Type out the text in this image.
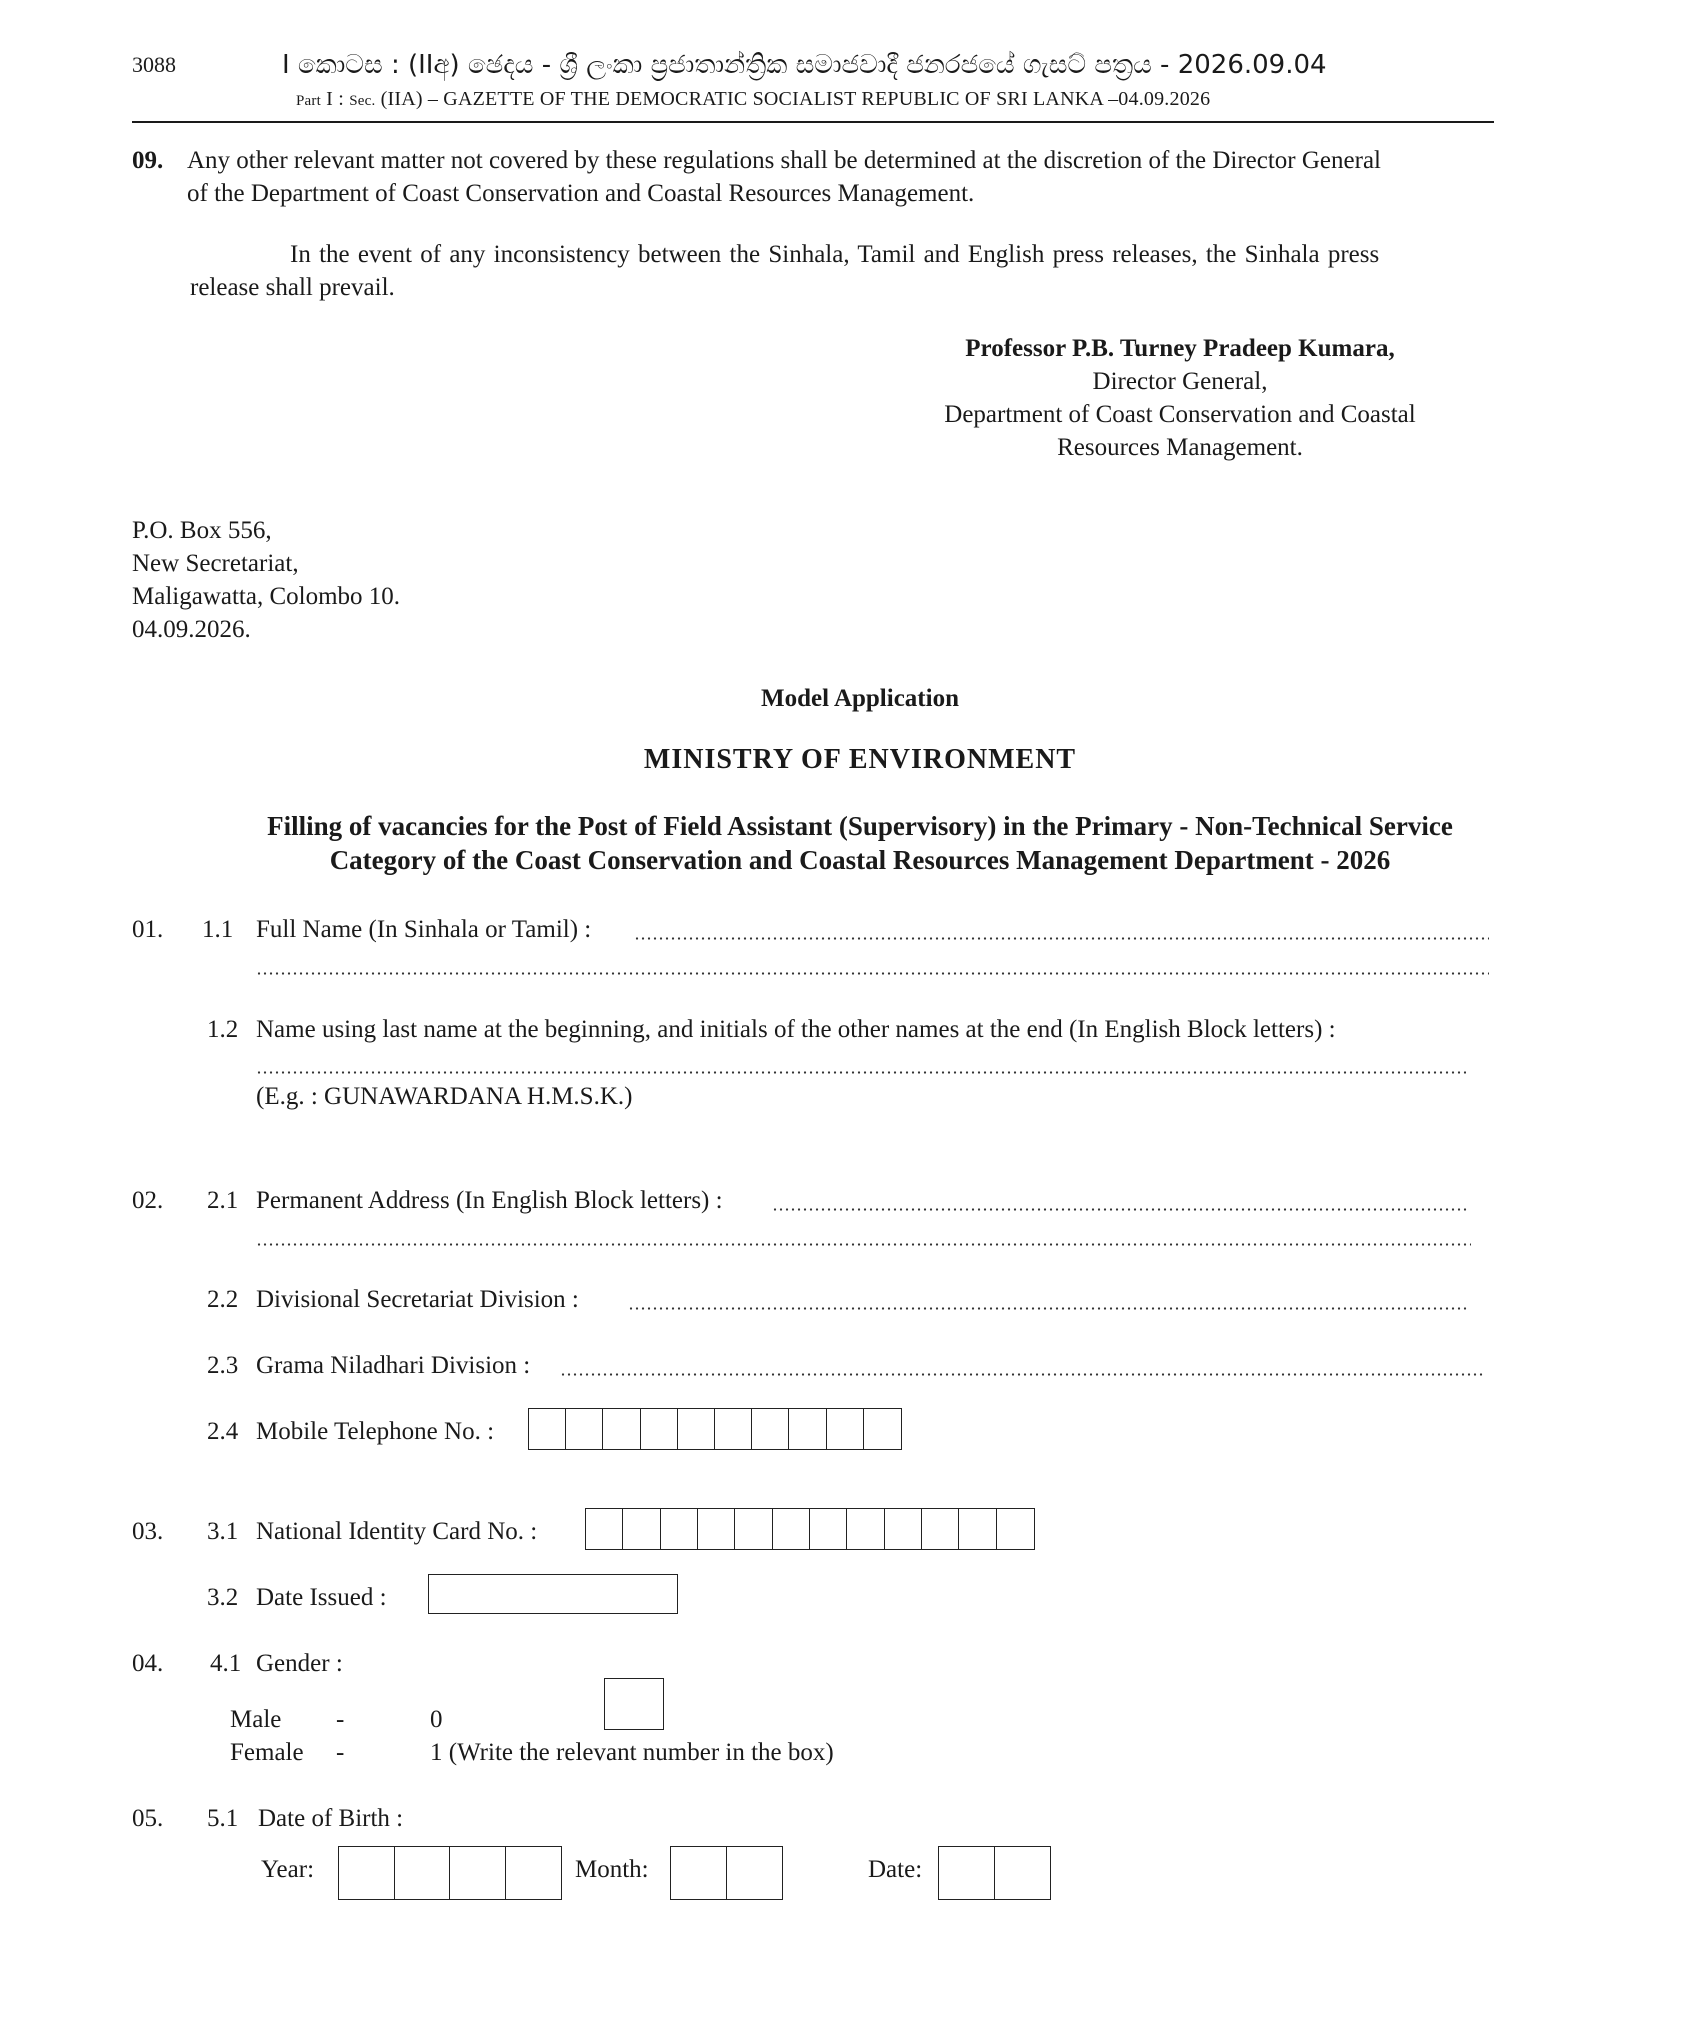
3088	I කොටස : (IIඅ) ඡෙදය - ශ්‍රී ලංකා ප්‍රජාතාන්ත්‍රික සමාජවාදී ජනරජයේ ගැසට් පත්‍රය - 2026.09.04
Part I : Sec. (IIA) – GAZETTE OF THE DEMOCRATIC SOCIALIST REPUBLIC OF SRI LANKA –04.09.2026
09. Any other relevant matter not covered by these regulations shall be determined at the discretion of the Director General
of the Department of Coast Conservation and Coastal Resources Management.
In the event of any inconsistency between the Sinhala, Tamil and English press releases, the Sinhala press
release shall prevail.
Professor P.B. Turney Pradeep Kumara,
Director General,
Department of Coast Conservation and Coastal
Resources Management.
P.O. Box 556,
New Secretariat,
Maligawatta, Colombo 10.
04.09.2026.
Model Application
MINISTRY OF ENVIRONMENT
Filling of vacancies for the Post of Field Assistant (Supervisory) in the Primary - Non-Technical Service
Category of the Coast Conservation and Coastal Resources Management Department - 2026
01. 1.1 Full Name (In Sinhala or Tamil) :
1.2 Name using last name at the beginning, and initials of the other names at the end (In English Block letters) :
(E.g. : GUNAWARDANA H.M.S.K.)
02. 2.1 Permanent Address (In English Block letters) :
2.2 Divisional Secretariat Division :
2.3 Grama Niladhari Division :
2.4 Mobile Telephone No. :
03. 3.1 National Identity Card No. :
3.2 Date Issued :
04. 4.1 Gender :
Male -	0
Female -	1 (Write the relevant number in the box)
05. 5.1 Date of Birth :
Year:	Month:	Date:
